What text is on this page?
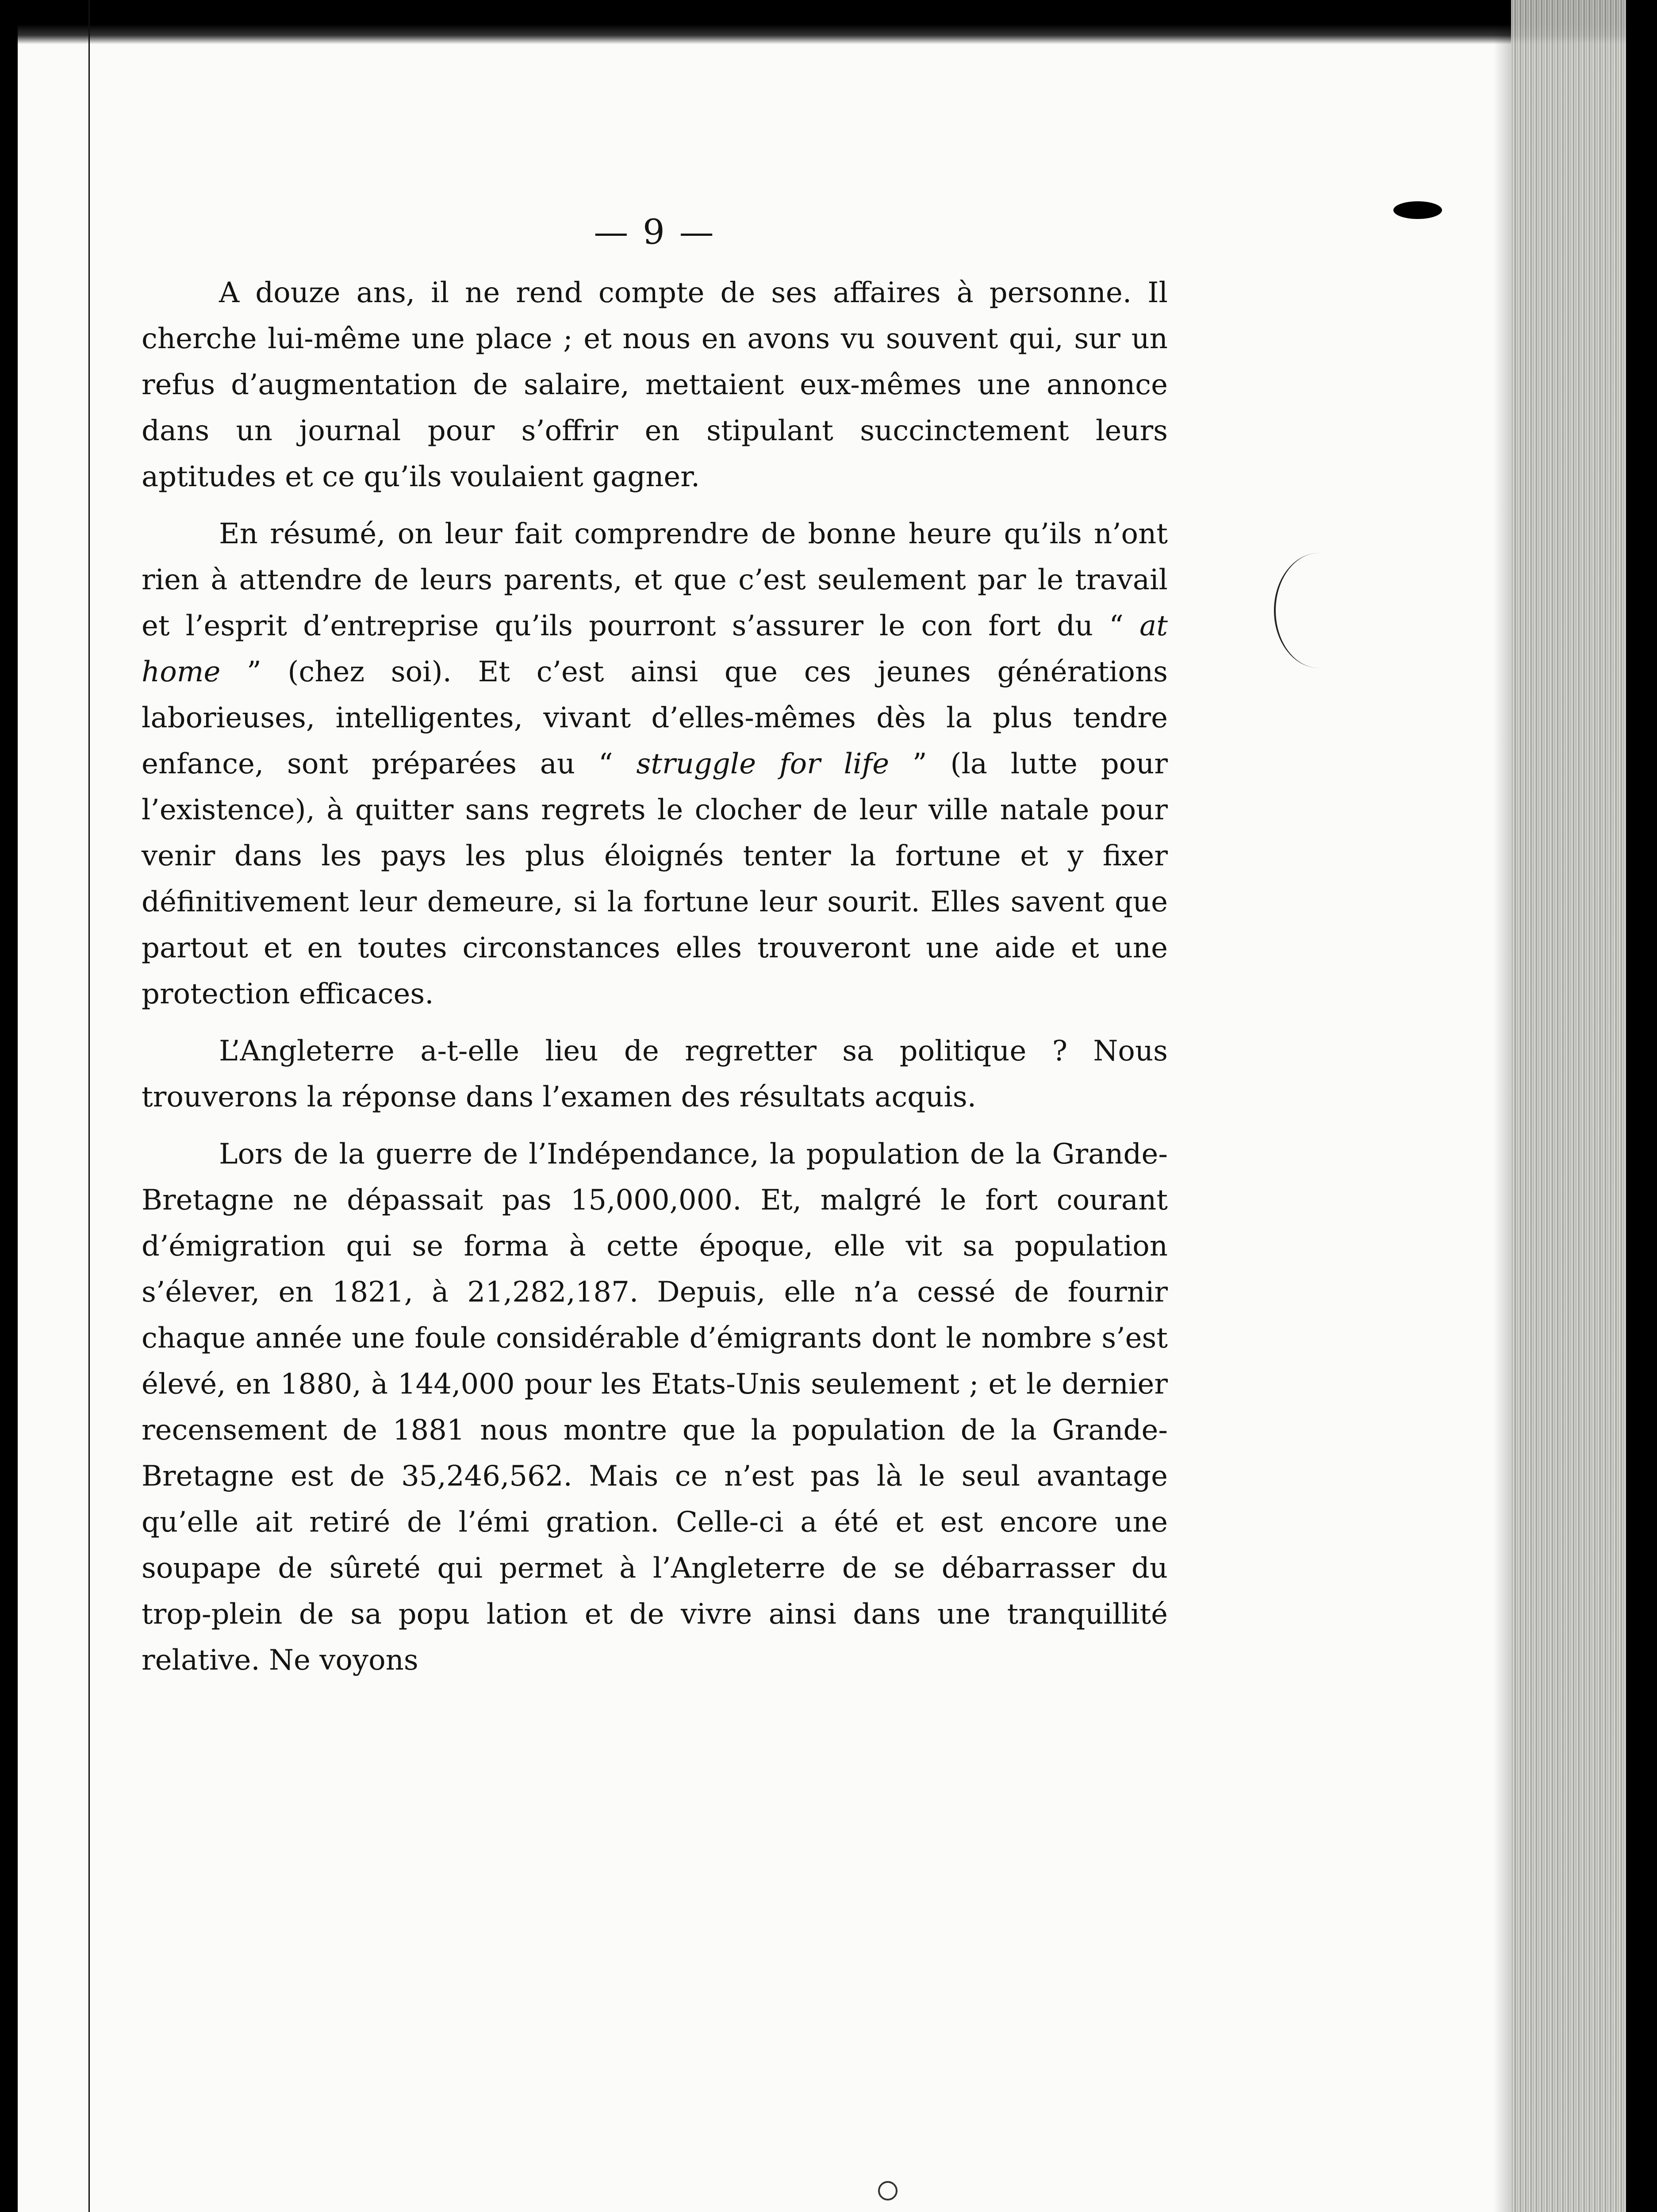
— 9 —

A douze ans, il ne rend compte de ses affaires à personne. Il cherche lui-même une place ; et nous en avons vu souvent qui, sur un refus d’augmentation de salaire, mettaient eux-mêmes une annonce dans un journal pour s’offrir en stipulant succinctement leurs aptitudes et ce qu’ils voulaient gagner.

En résumé, on leur fait comprendre de bonne heure qu’ils n’ont rien à attendre de leurs parents, et que c’est seulement par le travail et l’esprit d’entreprise qu’ils pourront s’assurer le con fort du “ at home ” (chez soi). Et c’est ainsi que ces jeunes générations laborieuses, intelligentes, vivant d’elles-mêmes dès la plus tendre enfance, sont préparées au “ struggle for life ” (la lutte pour l’existence), à quitter sans regrets le clocher de leur ville natale pour venir dans les pays les plus éloignés tenter la fortune et y fixer définitivement leur demeure, si la fortune leur sourit. Elles savent que partout et en toutes circonstances elles trouveront une aide et une protection efficaces.

L’Angleterre a-t-elle lieu de regretter sa politique ? Nous trouverons la réponse dans l’examen des résultats acquis.

Lors de la guerre de l’Indépendance, la population de la Grande-Bretagne ne dépassait pas 15,000,000. Et, malgré le fort courant d’émigration qui se forma à cette époque, elle vit sa population s’élever, en 1821, à 21,282,187. Depuis, elle n’a cessé de fournir chaque année une foule considérable d’émigrants dont le nombre s’est élevé, en 1880, à 144,000 pour les Etats-Unis seulement ; et le dernier recensement de 1881 nous montre que la population de la Grande-Bretagne est de 35,246,562. Mais ce n’est pas là le seul avantage qu’elle ait retiré de l’émi gration. Celle-ci a été et est encore une soupape de sûreté qui permet à l’Angleterre de se débarrasser du trop-plein de sa popu lation et de vivre ainsi dans une tranquillité relative. Ne voyons
